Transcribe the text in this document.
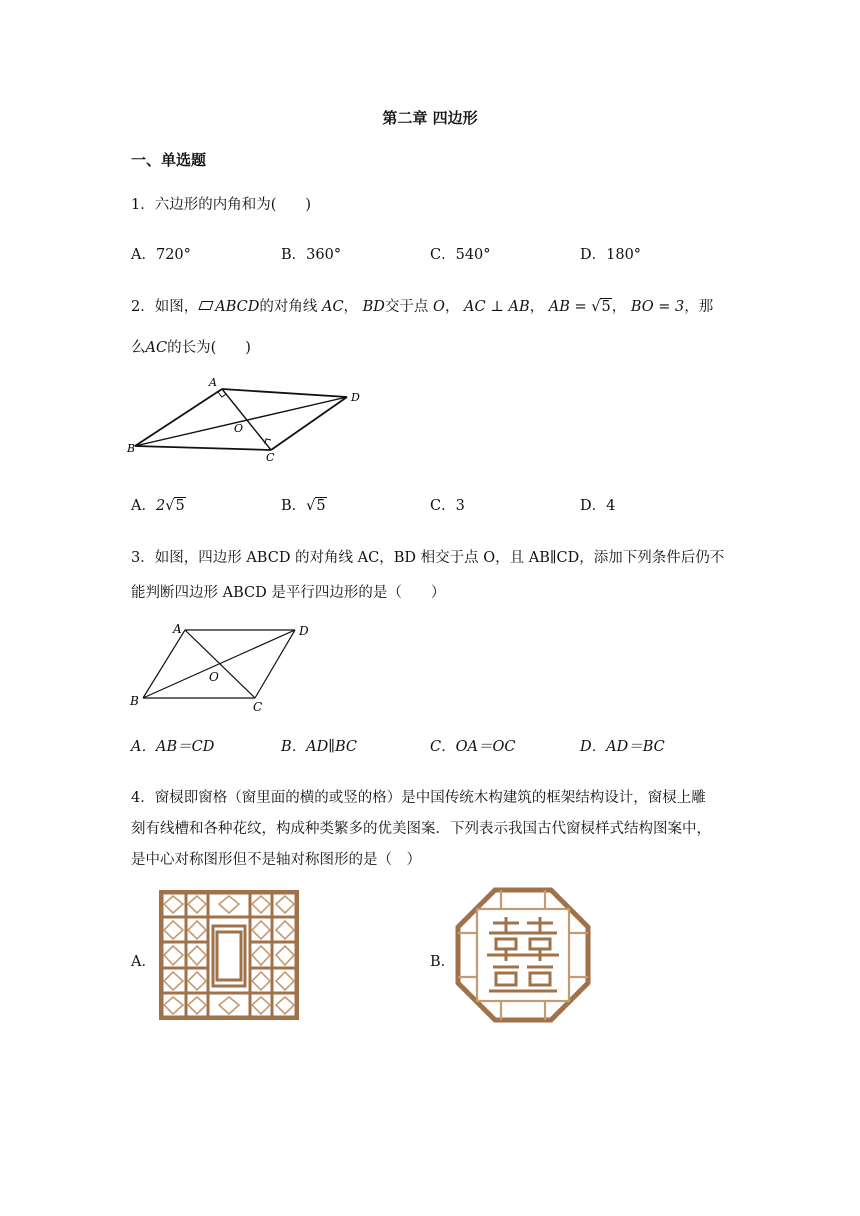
第二章 四边形
一、单选题
1．六边形的内角和为(　　)
A．720°	B．360°	C．540°	D．180°
2．如图， ABCD的对角线 AC， BD交于点 O， AC ⊥ AB， AB = √5， BO = 3，那
么AC的长为(　　)
A
B
C
D
O
A．2√5	B．√5	C．3	D．4
3．如图，四边形 ABCD 的对角线 AC，BD 相交于点 O，且 AB∥CD，添加下列条件后仍不
能判断四边形 ABCD 是平行四边形的是（　　）
A
B	C
D
O
A．AB＝CD	B．AD∥BC	C．OA＝OC	D．AD＝BC
4．窗棂即窗格（窗里面的横的或竖的格）是中国传统木构建筑的框架结构设计，窗棂上雕
刻有线槽和各种花纹，构成种类繁多的优美图案．下列表示我国古代窗棂样式结构图案中，
是中心对称图形但不是轴对称图形的是（　）
A．	B．
